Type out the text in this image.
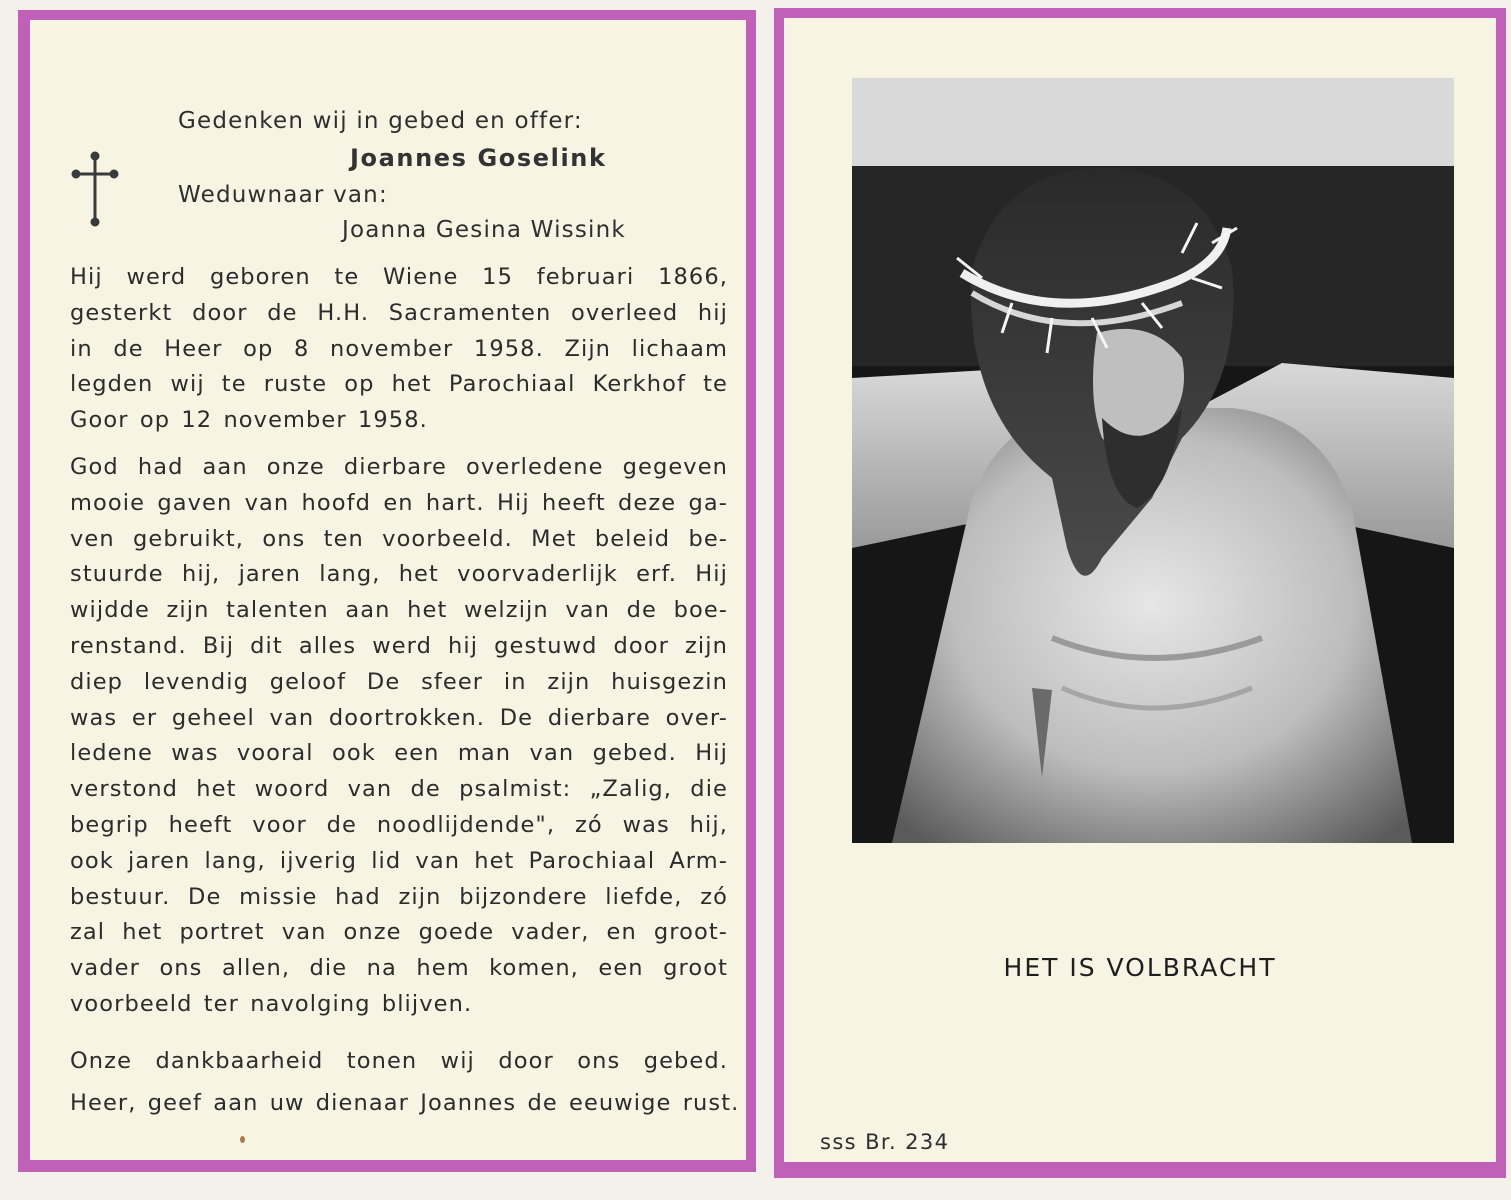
Gedenken wij in gebed en offer:
Joannes Goselink
Weduwnaar van:
Joanna Gesina Wissink
Hij werd geboren te Wiene 15 februari 1866,
gesterkt door de H.H. Sacramenten overleed hij
in de Heer op 8 november 1958. Zijn lichaam
legden wij te ruste op het Parochiaal Kerkhof te
Goor op 12 november 1958.
God had aan onze dierbare overledene gegeven
mooie gaven van hoofd en hart. Hij heeft deze ga-
ven gebruikt, ons ten voorbeeld. Met beleid be-
stuurde hij, jaren lang, het voorvaderlijk erf. Hij
wijdde zijn talenten aan het welzijn van de boe-
renstand. Bij dit alles werd hij gestuwd door zijn
diep levendig geloof De sfeer in zijn huisgezin
was er geheel van doortrokken. De dierbare over-
ledene was vooral ook een man van gebed. Hij
verstond het woord van de psalmist: „Zalig, die
begrip heeft voor de noodlijdende", zó was hij,
ook jaren lang, ijverig lid van het Parochiaal Arm-
bestuur. De missie had zijn bijzondere liefde, zó
zal het portret van onze goede vader, en groot-
vader ons allen, die na hem komen, een groot
voorbeeld ter navolging blijven.
Onze dankbaarheid tonen wij door ons gebed.
Heer, geef aan uw dienaar Joannes de eeuwige rust.
HET IS VOLBRACHT
sss Br. 234
